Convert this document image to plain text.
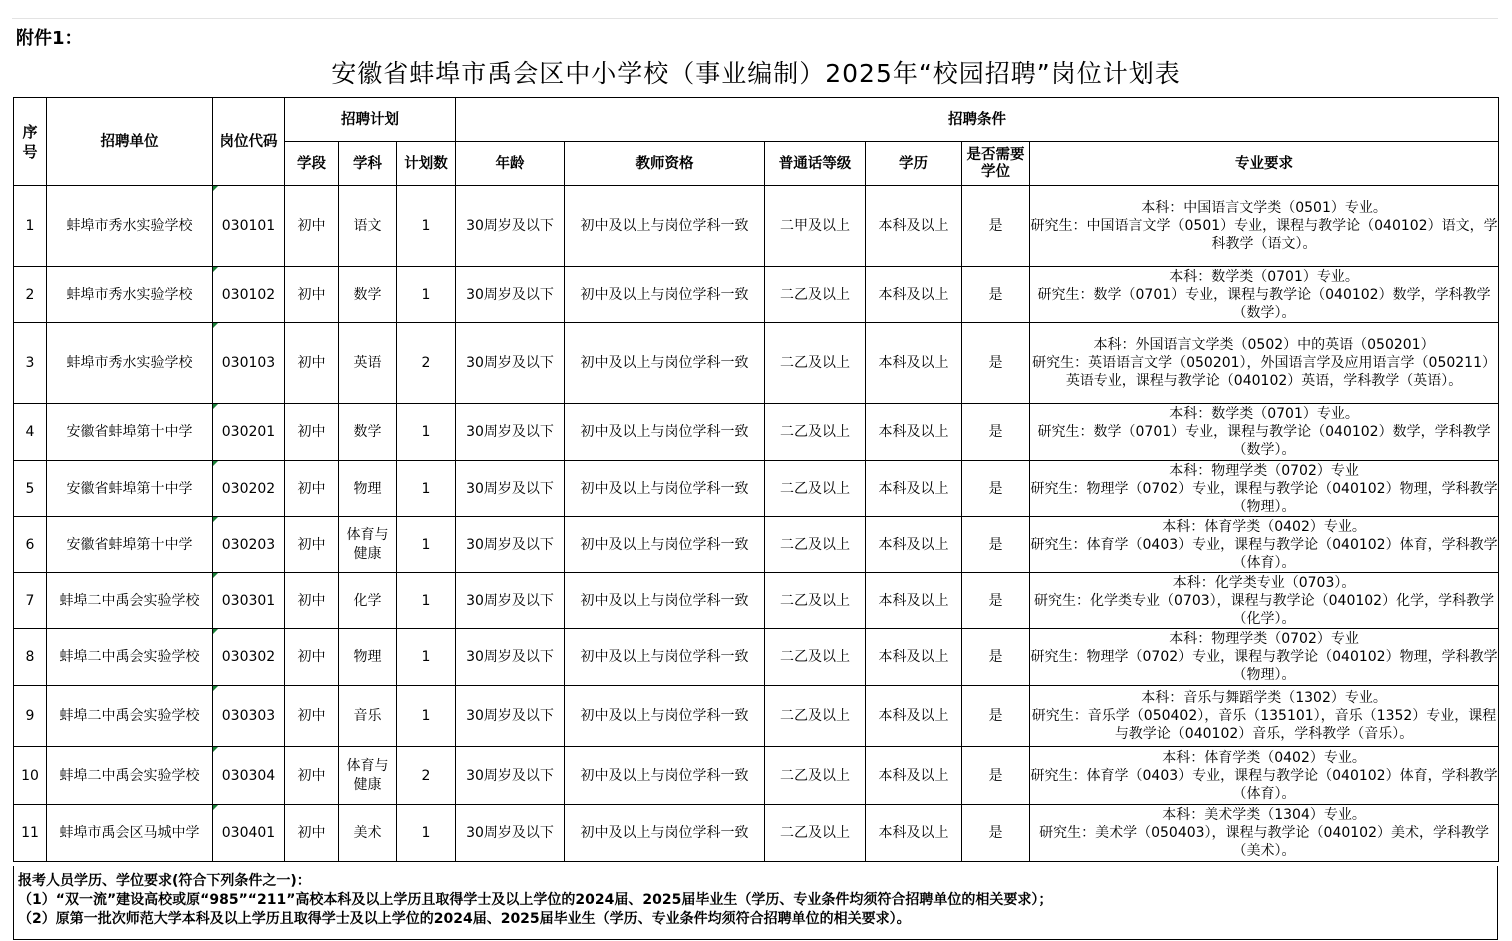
附件1：
安徽省蚌埠市禹会区中小学校（事业编制）2025年“校园招聘”岗位计划表
序号	招聘单位	岗位代码	招聘计划			招聘条件					
			学段	学科	计划数	年龄	教师资格	普通话等级	学历	是否需要学位	专业要求
1	蚌埠市秀水实验学校	030101	初中	语文	1	30周岁及以下	初中及以上与岗位学科一致	二甲及以上	本科及以上	是	本科：中国语言文学类（0501）专业。
研究生：中国语言文学（0501）专业，课程与教学论（040102）语文，学科教学（语文）。

2	蚌埠市秀水实验学校	030102	初中	数学	1	30周岁及以下	初中及以上与岗位学科一致	二乙及以上	本科及以上	是	本科：数学类（0701）专业。
研究生：数学（0701）专业，课程与教学论（040102）数学，学科教学（数学）。

3	蚌埠市秀水实验学校	030103	初中	英语	2	30周岁及以下	初中及以上与岗位学科一致	二乙及以上	本科及以上	是	本科：外国语言文学类（0502）中的英语（050201）
研究生：英语语言文学（050201），外国语言学及应用语言学（050211）英语专业，课程与教学论（040102）英语，学科教学（英语）。

4	安徽省蚌埠第十中学	030201	初中	数学	1	30周岁及以下	初中及以上与岗位学科一致	二乙及以上	本科及以上	是	本科：数学类（0701）专业。
研究生：数学（0701）专业，课程与教学论（040102）数学，学科教学（数学）。

5	安徽省蚌埠第十中学	030202	初中	物理	1	30周岁及以下	初中及以上与岗位学科一致	二乙及以上	本科及以上	是	本科：物理学类（0702）专业
研究生：物理学（0702）专业，课程与教学论（040102）物理，学科教学（物理）。

6	安徽省蚌埠第十中学	030203	初中	体育与健康	1	30周岁及以下	初中及以上与岗位学科一致	二乙及以上	本科及以上	是	本科：体育学类（0402）专业。
研究生：体育学（0403）专业，课程与教学论（040102）体育，学科教学（体育）。

7	蚌埠二中禹会实验学校	030301	初中	化学	1	30周岁及以下	初中及以上与岗位学科一致	二乙及以上	本科及以上	是	本科：化学类专业（0703）。
研究生：化学类专业（0703），课程与教学论（040102）化学，学科教学（化学）。

8	蚌埠二中禹会实验学校	030302	初中	物理	1	30周岁及以下	初中及以上与岗位学科一致	二乙及以上	本科及以上	是	本科：物理学类（0702）专业
研究生：物理学（0702）专业，课程与教学论（040102）物理，学科教学（物理）。

9	蚌埠二中禹会实验学校	030303	初中	音乐	1	30周岁及以下	初中及以上与岗位学科一致	二乙及以上	本科及以上	是	本科：音乐与舞蹈学类（1302）专业。
研究生：音乐学（050402），音乐（135101），音乐（1352）专业，课程与教学论（040102）音乐，学科教学（音乐）。

10	蚌埠二中禹会实验学校	030304	初中	体育与健康	2	30周岁及以下	初中及以上与岗位学科一致	二乙及以上	本科及以上	是	本科：体育学类（0402）专业。
研究生：体育学（0403）专业，课程与教学论（040102）体育，学科教学（体育）。

11	蚌埠市禹会区马城中学	030401	初中	美术	1	30周岁及以下	初中及以上与岗位学科一致	二乙及以上	本科及以上	是	本科：美术学类（1304）专业。
研究生：美术学（050403），课程与教学论（040102）美术，学科教学（美术）。
报考人员学历、学位要求(符合下列条件之一)：
（1）“双一流”建设高校或原“985”“211”高校本科及以上学历且取得学士及以上学位的2024届、2025届毕业生（学历、专业条件均须符合招聘单位的相关要求）；
（2）原第一批次师范大学本科及以上学历且取得学士及以上学位的2024届、2025届毕业生（学历、专业条件均须符合招聘单位的相关要求）。
